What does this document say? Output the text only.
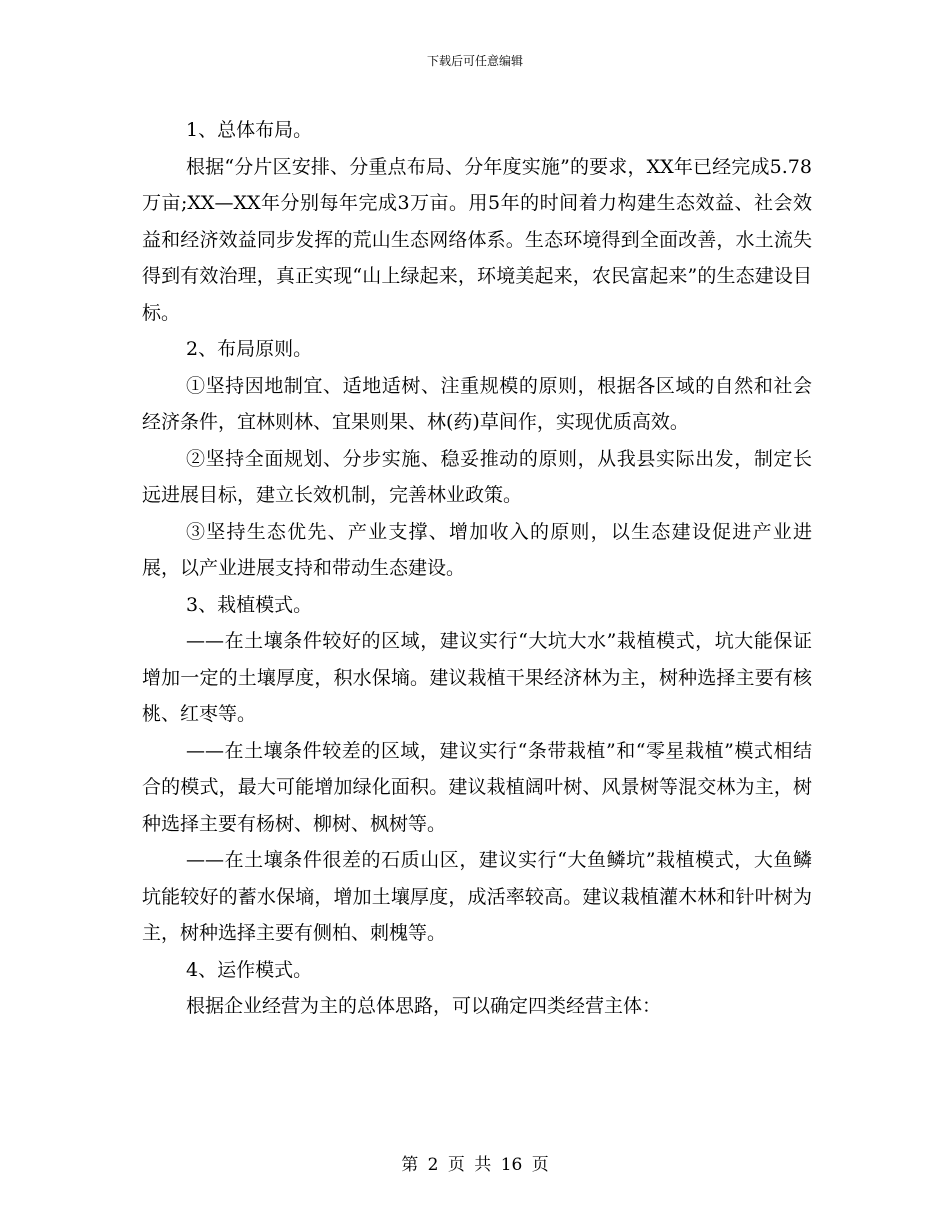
下载后可任意编辑

1、总体布局。

根据“分片区安排、分重点布局、分年度实施”的要求，XX年已经完成5.78万亩;XX—XX年分别每年完成3万亩。用5年的时间着力构建生态效益、社会效益和经济效益同步发挥的荒山生态网络体系。生态环境得到全面改善，水土流失得到有效治理，真正实现“山上绿起来，环境美起来，农民富起来”的生态建设目标。

2、布局原则。

①坚持因地制宜、适地适树、注重规模的原则，根据各区域的自然和社会经济条件，宜林则林、宜果则果、林(药)草间作，实现优质高效。

②坚持全面规划、分步实施、稳妥推动的原则，从我县实际出发，制定长远进展目标，建立长效机制，完善林业政策。

③坚持生态优先、产业支撑、增加收入的原则，以生态建设促进产业进展，以产业进展支持和带动生态建设。

3、栽植模式。

——在土壤条件较好的区域，建议实行“大坑大水”栽植模式，坑大能保证增加一定的土壤厚度，积水保墒。建议栽植干果经济林为主，树种选择主要有核桃、红枣等。

——在土壤条件较差的区域，建议实行“条带栽植”和“零星栽植”模式相结合的模式，最大可能增加绿化面积。建议栽植阔叶树、风景树等混交林为主，树种选择主要有杨树、柳树、枫树等。

——在土壤条件很差的石质山区，建议实行“大鱼鳞坑”栽植模式，大鱼鳞坑能较好的蓄水保墒，增加土壤厚度，成活率较高。建议栽植灌木林和针叶树为主，树种选择主要有侧柏、刺槐等。

4、运作模式。

根据企业经营为主的总体思路，可以确定四类经营主体：

第 2 页 共 16 页
